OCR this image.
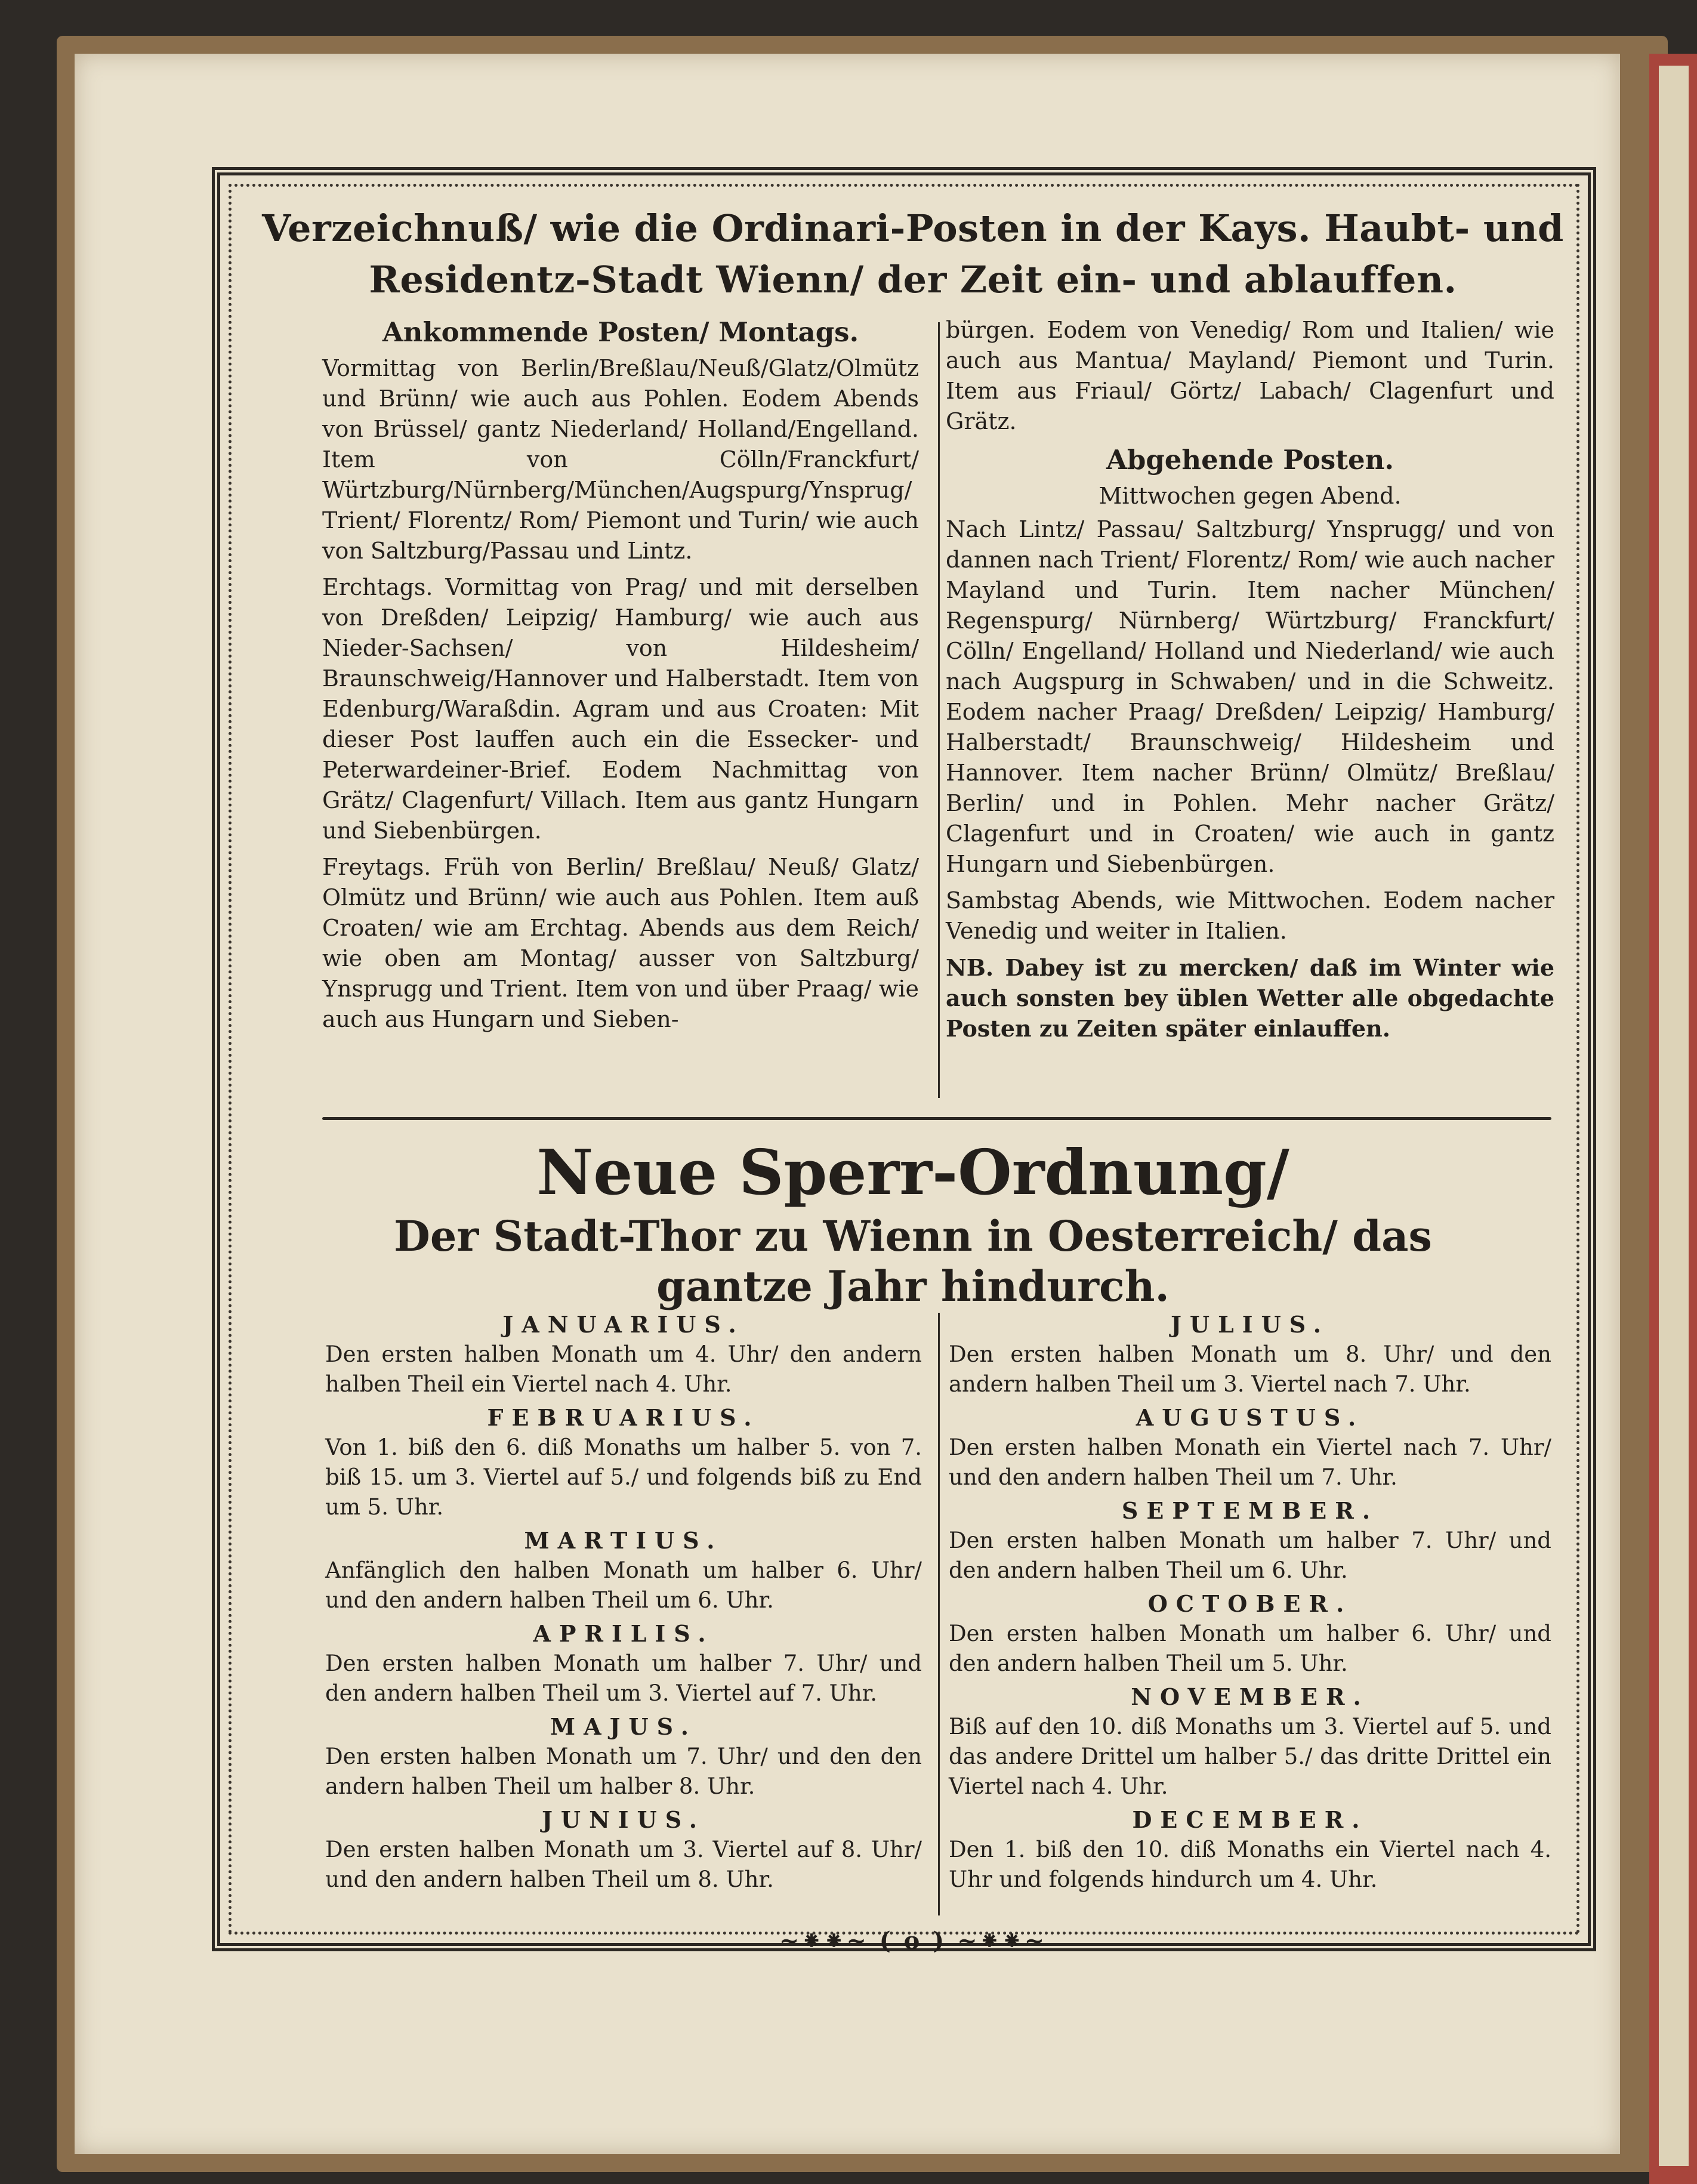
Verzeichnuß/ wie die Ordinari-Posten in der Kays. Haubt- und Residentz-Stadt Wienn/ der Zeit ein- und ablauffen.
Ankommende Posten/ Montags.

Vormittag von Berlin/Breßlau/Neuß/Glatz/Olmütz und Brünn/ wie auch aus Pohlen. Eodem Abends von Brüssel/ gantz Niederland/ Holland/Engelland. Item von Cölln/Franckfurt/ Würtzburg/Nürnberg/München/Augspurg/Ynsprug/ Trient/ Florentz/ Rom/ Piemont und Turin/ wie auch von Saltzburg/Passau und Lintz.

Erchtags. Vormittag von Prag/ und mit derselben von Dreßden/ Leipzig/ Hamburg/ wie auch aus Nieder-Sachsen/ von Hildesheim/ Braunschweig/Hannover und Halberstadt. Item von Edenburg/Waraßdin. Agram und aus Croaten: Mit dieser Post lauffen auch ein die Essecker- und Peterwardeiner-Brief. Eodem Nachmittag von Grätz/ Clagenfurt/ Villach. Item aus gantz Hungarn und Siebenbürgen.

Freytags. Früh von Berlin/ Breßlau/ Neuß/ Glatz/ Olmütz und Brünn/ wie auch aus Pohlen. Item auß Croaten/ wie am Erchtag. Abends aus dem Reich/ wie oben am Montag/ ausser von Saltzburg/ Ynsprugg und Trient. Item von und über Praag/ wie auch aus Hungarn und Sieben-

bürgen. Eodem von Venedig/ Rom und Italien/ wie auch aus Mantua/ Mayland/ Piemont und Turin. Item aus Friaul/ Görtz/ Labach/ Clagenfurt und Grätz.

Abgehende Posten.
Mittwochen gegen Abend.

Nach Lintz/ Passau/ Saltzburg/ Ynsprugg/ und von dannen nach Trient/ Florentz/ Rom/ wie auch nacher Mayland und Turin. Item nacher München/ Regenspurg/ Nürnberg/ Würtzburg/ Franckfurt/ Cölln/ Engelland/ Holland und Niederland/ wie auch nach Augspurg in Schwaben/ und in die Schweitz. Eodem nacher Praag/ Dreßden/ Leipzig/ Hamburg/ Halberstadt/ Braunschweig/ Hildesheim und Hannover. Item nacher Brünn/ Olmütz/ Breßlau/ Berlin/ und in Pohlen. Mehr nacher Grätz/ Clagenfurt und in Croaten/ wie auch in gantz Hungarn und Siebenbürgen.

Sambstag Abends, wie Mittwochen. Eodem nacher Venedig und weiter in Italien.

NB. Dabey ist zu mercken/ daß im Winter wie auch sonsten bey üblen Wetter alle obgedachte Posten zu Zeiten später einlauffen.

Neue Sperr-Ordnung/
Der Stadt-Thor zu Wienn in Oesterreich/ das gantze Jahr hindurch.
JANUARIUS.
Den ersten halben Monath um 4. Uhr/ den andern halben Theil ein Viertel nach 4. Uhr.
FEBRUARIUS.
Von 1. biß den 6. diß Monaths um halber 5. von 7. biß 15. um 3. Viertel auf 5./ und folgends biß zu End um 5. Uhr.
MARTIUS.
Anfänglich den halben Monath um halber 6. Uhr/ und den andern halben Theil um 6. Uhr.
APRILIS.
Den ersten halben Monath um halber 7. Uhr/ und den andern halben Theil um 3. Viertel auf 7. Uhr.
MAJUS.
Den ersten halben Monath um 7. Uhr/ und den den andern halben Theil um halber 8. Uhr.
JUNIUS.
Den ersten halben Monath um 3. Viertel auf 8. Uhr/ und den andern halben Theil um 8. Uhr.
JULIUS.
Den ersten halben Monath um 8. Uhr/ und den andern halben Theil um 3. Viertel nach 7. Uhr.
AUGUSTUS.
Den ersten halben Monath ein Viertel nach 7. Uhr/ und den andern halben Theil um 7. Uhr.
SEPTEMBER.
Den ersten halben Monath um halber 7. Uhr/ und den andern halben Theil um 6. Uhr.
OCTOBER.
Den ersten halben Monath um halber 6. Uhr/ und den andern halben Theil um 5. Uhr.
NOVEMBER.
Biß auf den 10. diß Monaths um 3. Viertel auf 5. und das andere Drittel um halber 5./ das dritte Drittel ein Viertel nach 4. Uhr.
DECEMBER.
Den 1. biß den 10. diß Monaths ein Viertel nach 4. Uhr und folgends hindurch um 4. Uhr.
~⁕⁕~ ( o ) ~⁕⁕~
